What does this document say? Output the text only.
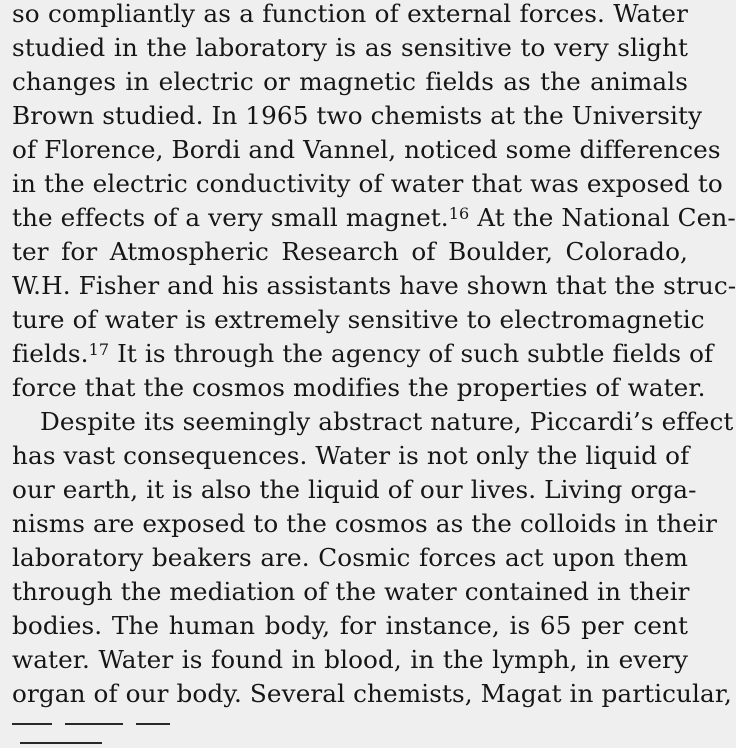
so compliantly as a function of external forces. Water
studied in the laboratory is as sensitive to very slight
changes in electric or magnetic fields as the animals
Brown studied. In 1965 two chemists at the University
of Florence, Bordi and Vannel, noticed some differences
in the electric conductivity of water that was exposed to
the effects of a very small magnet.$^{16}$ At the National Cen-
ter for Atmospheric Research of Boulder, Colorado,
W.H. Fisher and his assistants have shown that the struc-
ture of water is extremely sensitive to electromagnetic
fields.$^{17}$ It is through the agency of such subtle fields of
force that the cosmos modifies the properties of water.
Despite its seemingly abstract nature, Piccardi’s effect
has vast consequences. Water is not only the liquid of
our earth, it is also the liquid of our lives. Living orga-
nisms are exposed to the cosmos as the colloids in their
laboratory beakers are. Cosmic forces act upon them
through the mediation of the water contained in their
bodies. The human body, for instance, is 65 per cent
water. Water is found in blood, in the lymph, in every
organ of our body. Several chemists, Magat in particular,
